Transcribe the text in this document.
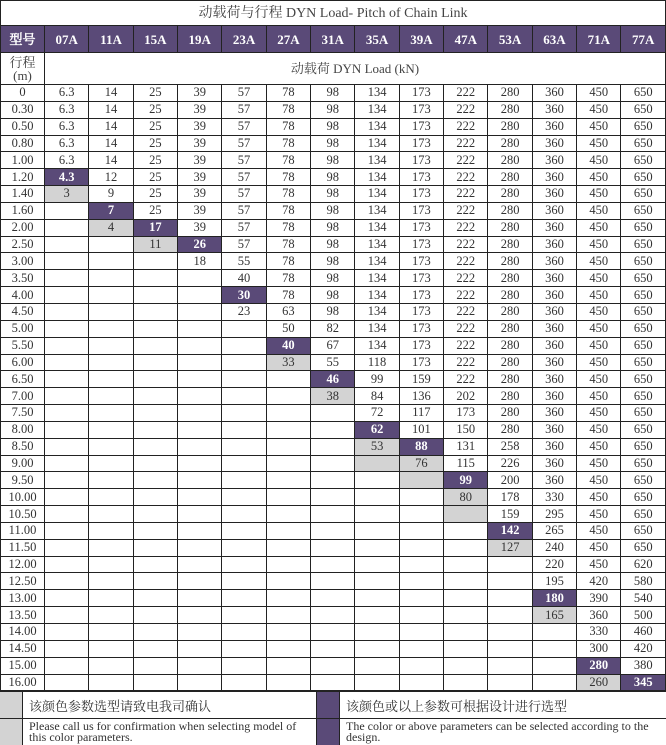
动载荷与行程 DYN Load- Pitch of Chain Link														
型号	07A	11A	15A	19A	23A	27A	31A	35A	39A	47A	53A	63A	71A	77A
行程
(m)	动载荷 DYN Load (kN)													
0	6.3	14	25	39	57	78	98	134	173	222	280	360	450	650
0.30	6.3	14	25	39	57	78	98	134	173	222	280	360	450	650
0.50	6.3	14	25	39	57	78	98	134	173	222	280	360	450	650
0.80	6.3	14	25	39	57	78	98	134	173	222	280	360	450	650
1.00	6.3	14	25	39	57	78	98	134	173	222	280	360	450	650
1.20	4.3	12	25	39	57	78	98	134	173	222	280	360	450	650
1.40	3	9	25	39	57	78	98	134	173	222	280	360	450	650
1.60		7	25	39	57	78	98	134	173	222	280	360	450	650
2.00		4	17	39	57	78	98	134	173	222	280	360	450	650
2.50			11	26	57	78	98	134	173	222	280	360	450	650
3.00				18	55	78	98	134	173	222	280	360	450	650
3.50					40	78	98	134	173	222	280	360	450	650
4.00					30	78	98	134	173	222	280	360	450	650
4.50					23	63	98	134	173	222	280	360	450	650
5.00						50	82	134	173	222	280	360	450	650
5.50						40	67	134	173	222	280	360	450	650
6.00						33	55	118	173	222	280	360	450	650
6.50							46	99	159	222	280	360	450	650
7.00							38	84	136	202	280	360	450	650
7.50								72	117	173	280	360	450	650
8.00								62	101	150	280	360	450	650
8.50								53	88	131	258	360	450	650
9.00									76	115	226	360	450	650
9.50										99	200	360	450	650
10.00										80	178	330	450	650
10.50											159	295	450	650
11.00											142	265	450	650
11.50											127	240	450	650
12.00												220	450	620
12.50												195	420	580
13.00												180	390	540
13.50												165	360	500
14.00													330	460
14.50													300	420
15.00													280	380
16.00													260	345
该颜色参数选型请致电我司确认
Please call us for confirmation when selecting model of this color parameters.
该颜色或以上参数可根据设计进行选型
The color or above parameters can be selected according to the design.
